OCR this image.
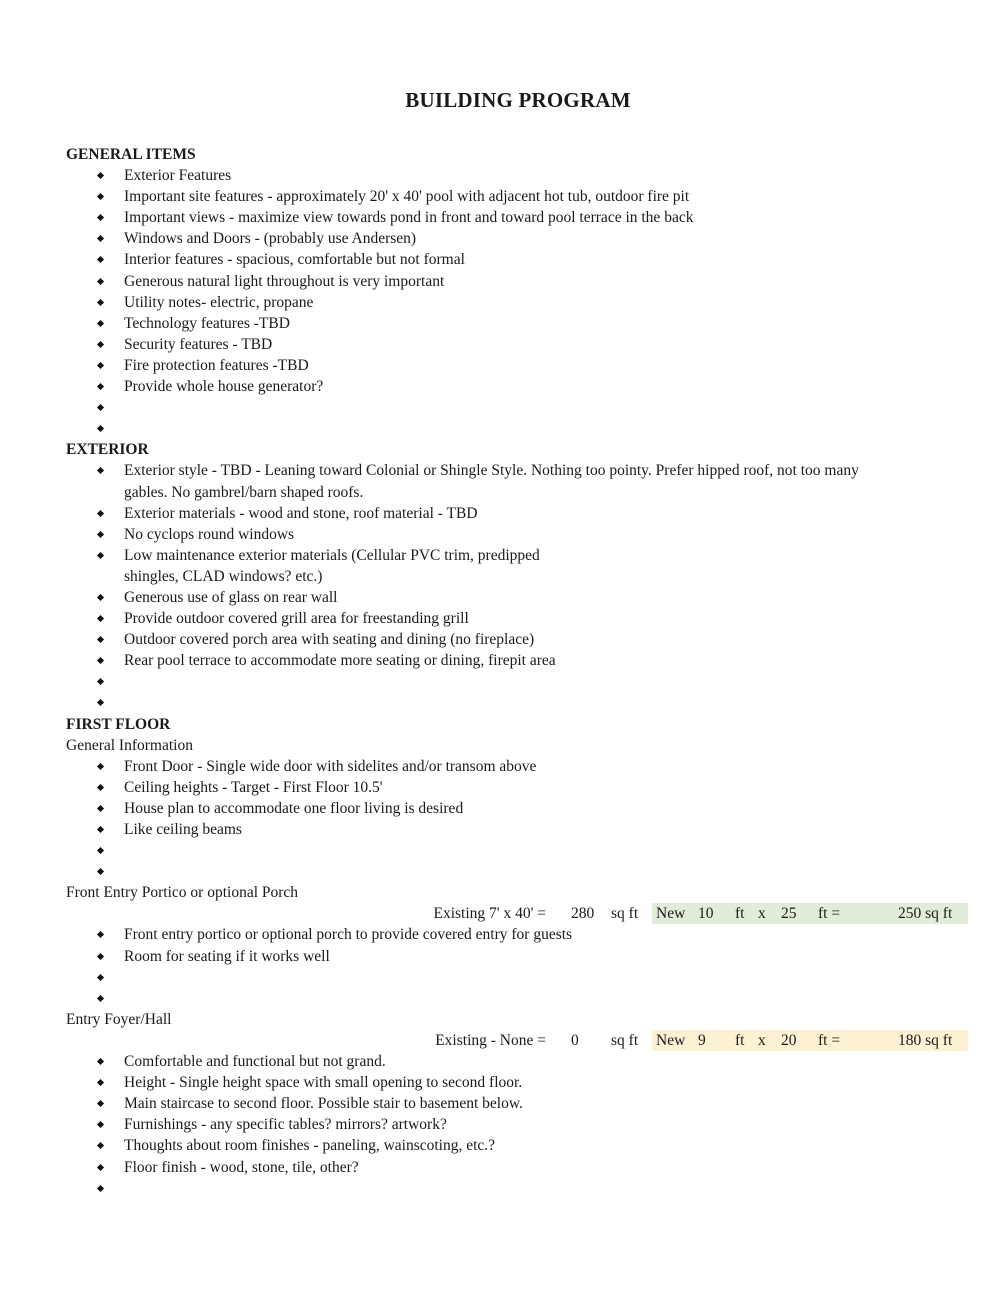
BUILDING PROGRAM
GENERAL ITEMS
Exterior Features
Important site features - approximately 20' x 40' pool with adjacent hot tub, outdoor fire pit
Important views - maximize view towards pond in front and toward pool terrace in the back
Windows and Doors - (probably use Andersen)
Interior features - spacious, comfortable but not formal
Generous natural light throughout is very important
Utility notes- electric, propane
Technology features -TBD
Security features - TBD
Fire protection features -TBD
Provide whole house generator?
EXTERIOR
Exterior style - TBD - Leaning toward Colonial or Shingle Style. Nothing too pointy. Prefer hipped roof, not too many gables. No gambrel/barn shaped roofs.
Exterior materials - wood and stone, roof material - TBD
No cyclops round windows
Low maintenance exterior materials (Cellular PVC trim, predipped shingles, CLAD windows? etc.)
Generous use of glass on rear wall
Provide outdoor covered grill area for freestanding grill
Outdoor covered porch area with seating and dining (no fireplace)
Rear pool terrace to accommodate more seating or dining, firepit area
FIRST FLOOR
General Information
Front Door - Single wide door with sidelites and/or transom above
Ceiling heights - Target - First Floor 10.5'
House plan to accommodate one floor living is desired
Like ceiling beams
Front Entry Portico or optional Porch
Existing 7' x 40' = 280 sq ft New 10 ft x 25 ft =	250 sq ft
Front entry portico or optional porch to provide covered entry for guests
Room for seating if it works well
Entry Foyer/Hall
Existing - None = 0 sq ft New 9 ft x 20 ft =	180 sq ft
Comfortable and functional but not grand.
Height - Single height space with small opening to second floor.
Main staircase to second floor. Possible stair to basement below.
Furnishings - any specific tables? mirrors? artwork?
Thoughts about room finishes - paneling, wainscoting, etc.?
Floor finish - wood, stone, tile, other?
